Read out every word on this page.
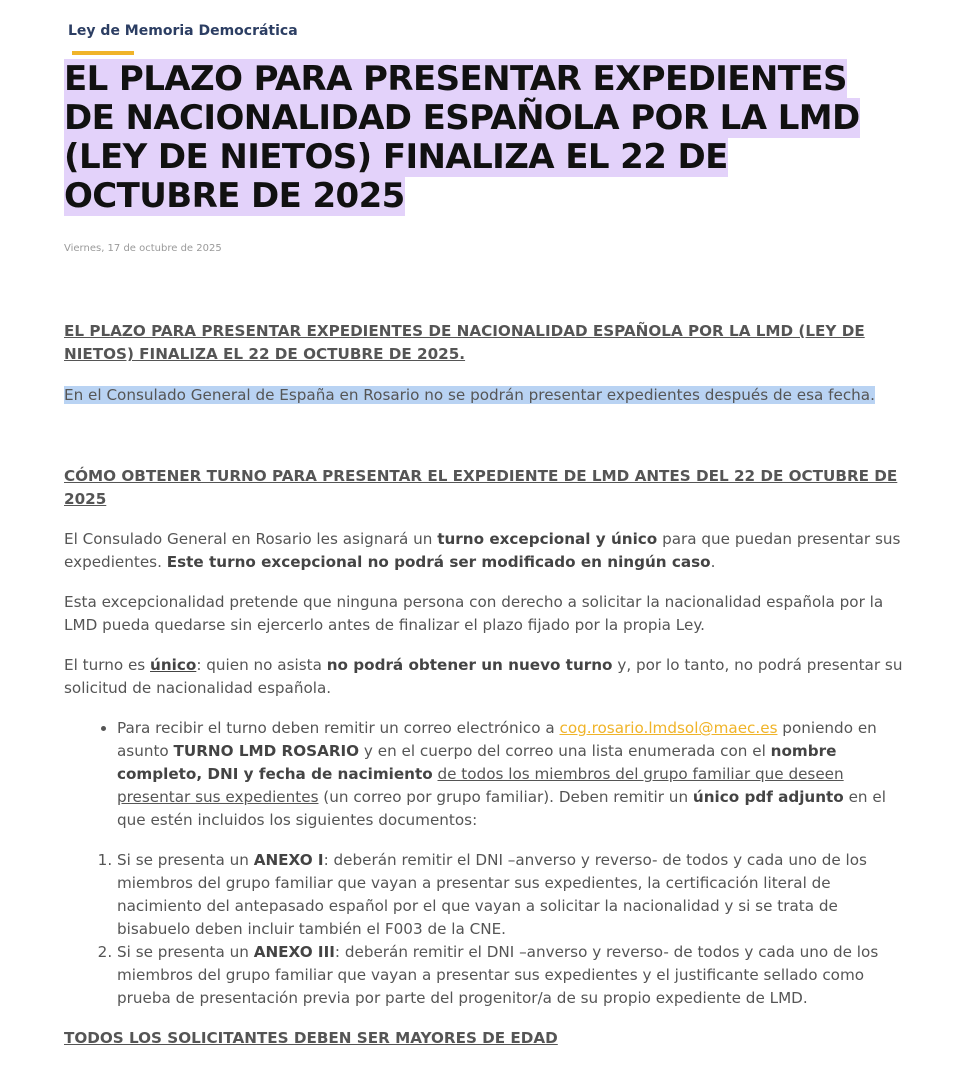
Ley de Memoria Democrática
EL PLAZO PARA PRESENTAR EXPEDIENTES DE NACIONALIDAD ESPAÑOLA POR LA LMD (LEY DE NIETOS) FINALIZA EL 22 DE OCTUBRE DE 2025
Viernes, 17 de octubre de 2025

EL PLAZO PARA PRESENTAR EXPEDIENTES DE NACIONALIDAD ESPAÑOLA POR LA LMD (LEY DE NIETOS) FINALIZA EL 22 DE OCTUBRE DE 2025.

En el Consulado General de España en Rosario no se podrán presentar expedientes después de esa fecha.

CÓMO OBTENER TURNO PARA PRESENTAR EL EXPEDIENTE DE LMD ANTES DEL 22 DE OCTUBRE DE 2025

El Consulado General en Rosario les asignará un turno excepcional y único para que puedan presentar sus expedientes. Este turno excepcional no podrá ser modificado en ningún caso.

Esta excepcionalidad pretende que ninguna persona con derecho a solicitar la nacionalidad española por la LMD pueda quedarse sin ejercerlo antes de finalizar el plazo fijado por la propia Ley.

El turno es único: quien no asista no podrá obtener un nuevo turno y, por lo tanto, no podrá presentar su solicitud de nacionalidad española.

• Para recibir el turno deben remitir un correo electrónico a cog.rosario.lmdsol@maec.es poniendo en asunto TURNO LMD ROSARIO y en el cuerpo del correo una lista enumerada con el nombre completo, DNI y fecha de nacimiento de todos los miembros del grupo familiar que deseen presentar sus expedientes (un correo por grupo familiar). Deben remitir un único pdf adjunto en el que estén incluidos los siguientes documentos:
1. Si se presenta un ANEXO I: deberán remitir el DNI –anverso y reverso- de todos y cada uno de los miembros del grupo familiar que vayan a presentar sus expedientes, la certificación literal de nacimiento del antepasado español por el que vayan a solicitar la nacionalidad y si se trata de bisabuelo deben incluir también el F003 de la CNE.
2. Si se presenta un ANEXO III: deberán remitir el DNI –anverso y reverso- de todos y cada uno de los miembros del grupo familiar que vayan a presentar sus expedientes y el justificante sellado como prueba de presentación previa por parte del progenitor/a de su propio expediente de LMD.

TODOS LOS SOLICITANTES DEBEN SER MAYORES DE EDAD
